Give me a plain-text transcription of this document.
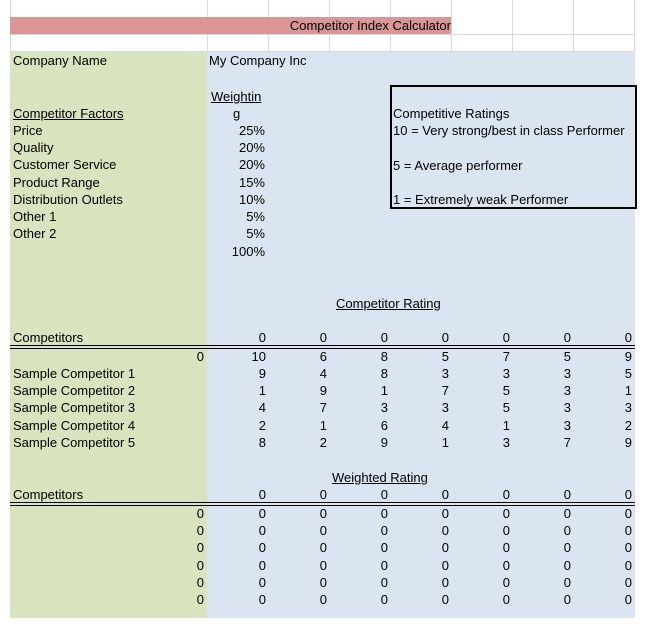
Competitor Index Calculator
Company Name	My Company Inc
Weightin
g
Competitor Factors
Price	25%
Quality	20%
Customer Service	20%
Product Range	15%
Distribution Outlets	10%
Other 1	5%
Other 2	5%
100%
Competitive Ratings
10 = Very strong/best in class Performer
5 = Average performer
1 = Extremely weak Performer
Competitor Rating
Competitors	0	0	0	0	0	0	0
0	10	6	8	5	7	5	9
Sample Competitor 1	9	4	8	3	3	3	5
Sample Competitor 2	1	9	1	7	5	3	1
Sample Competitor 3	4	7	3	3	5	3	3
Sample Competitor 4	2	1	6	4	1	3	2
Sample Competitor 5	8	2	9	1	3	7	9
Weighted Rating
Competitors	0	0	0	0	0	0	0
0	0	0	0	0	0	0	0
0	0	0	0	0	0	0	0
0	0	0	0	0	0	0	0
0	0	0	0	0	0	0	0
0	0	0	0	0	0	0	0
0	0	0	0	0	0	0	0
